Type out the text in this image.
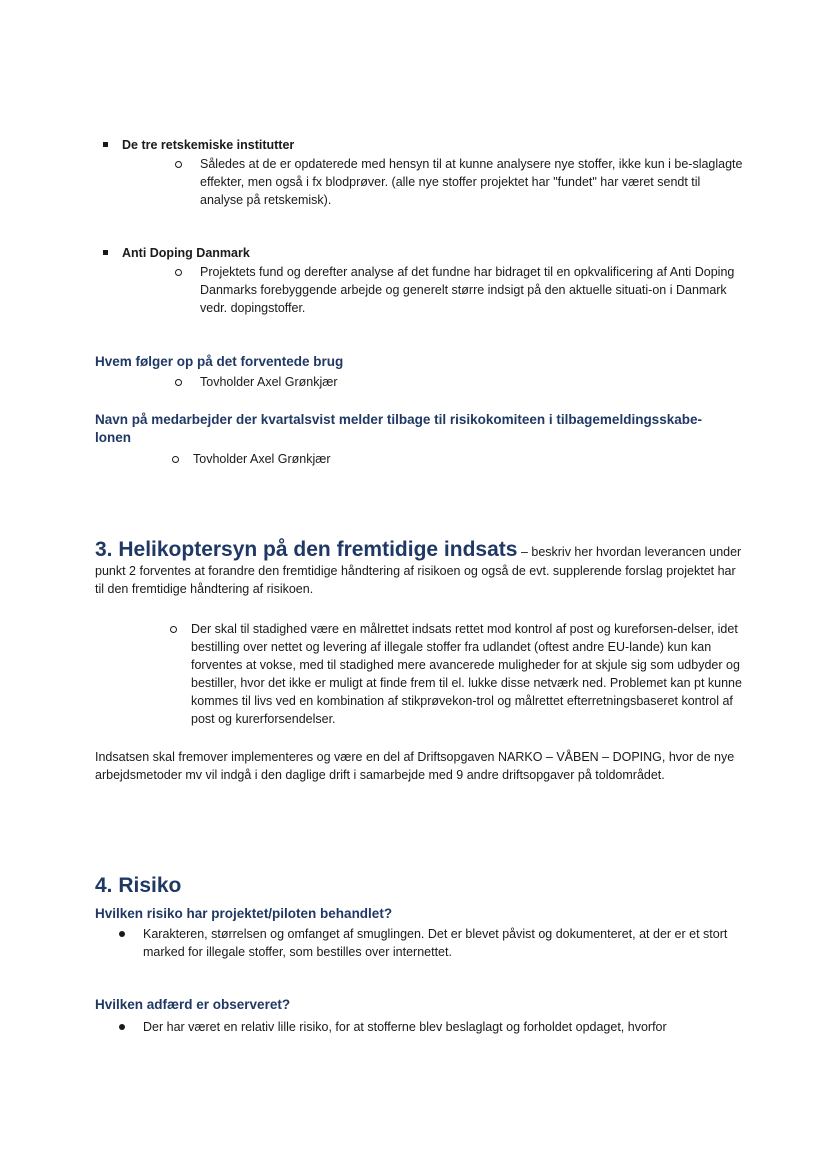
De tre retskemiske institutter
Således at de er opdaterede med hensyn til at kunne analysere nye stoffer, ikke kun i be-slaglagte effekter, men også i fx blodprøver. (alle nye stoffer projektet har "fundet" har været sendt til analyse på retskemisk).
Anti Doping Danmark
Projektets fund og derefter analyse af det fundne har bidraget til en opkvalificering af Anti Doping Danmarks forebyggende arbejde og generelt større indsigt på den aktuelle situati-on i Danmark vedr. dopingstoffer.
Hvem følger op på det forventede brug
Tovholder Axel Grønkjær
Navn på medarbejder der kvartalsvist melder tilbage til risikokomiteen i tilbagemeldingsskabe-lonen
Tovholder Axel Grønkjær
3. Helikoptersyn på den fremtidige indsats – beskriv her hvordan leverancen under punkt 2 forventes at forandre den fremtidige håndtering af risikoen og også de evt. supplerende forslag projektet har til den fremtidige håndtering af risikoen.
Der skal til stadighed være en målrettet indsats rettet mod kontrol af post og kureforsen-delser, idet bestilling over nettet og levering af illegale stoffer fra udlandet (oftest andre EU-lande) kun kan forventes at vokse, med til stadighed mere avancerede muligheder for at skjule sig som udbyder og bestiller, hvor det ikke er muligt at finde frem til el. lukke disse netværk ned. Problemet kan pt kunne kommes til livs ved en kombination af stikprøvekon-trol og målrettet efterretningsbaseret kontrol af post og kurerforsendelser.
Indsatsen skal fremover implementeres og være en del af Driftsopgaven NARKO – VÅBEN – DOPING, hvor de nye arbejdsmetoder mv vil indgå i den daglige drift i samarbejde med 9 andre driftsopgaver på toldområdet.
4. Risiko
Hvilken risiko har projektet/piloten behandlet?
Karakteren, størrelsen og omfanget af smuglingen. Det er blevet påvist og dokumenteret, at der er et stort marked for illegale stoffer, som bestilles over internettet.
Hvilken adfærd er observeret?
Der har været en relativ lille risiko, for at stofferne blev beslaglagt og forholdet opdaget, hvorfor
